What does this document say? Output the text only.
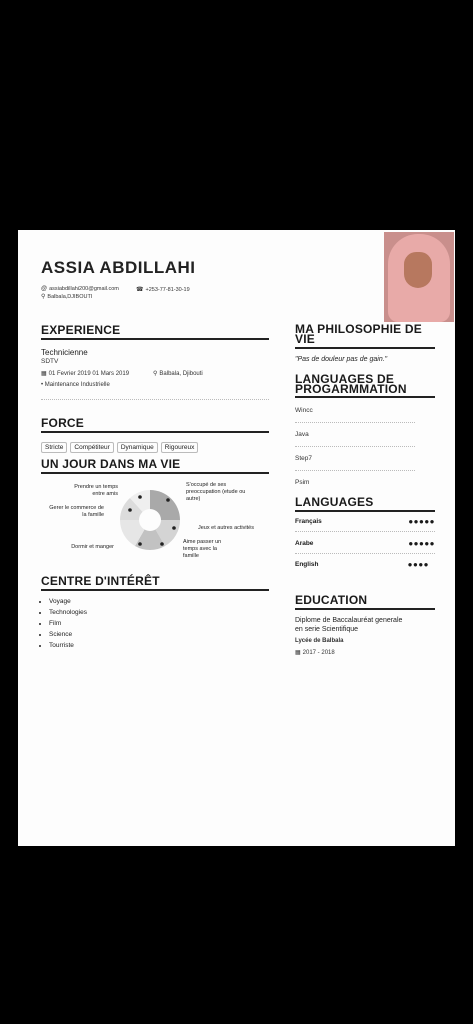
ASSIA ABDILLAHI
@ assiabdillahi200@gmail.com	☎ +253-77-81-30-19
⚲ Balbala,DJIBOUTI
EXPERIENCE
Technicienne
SDTV
▦ 01 Fevrier 2019 01 Mars 2019	⚲ Balbala, Djibouti
• Maintenance Industrielle
FORCE
Stricte Compétiteur Dynamique Rigoureux
UN JOUR DANS MA VIE
Prendre un temps entre amis
Gerer le commerce de la famille
Dormir et manger
S'occupé de ses preoccupation (etude ou autre)
Jeux et autres activités
Aime passer un temps avec la famille
CENTRE D'INTÉRÊT
• Voyage
• Technologies
• Film
• Science
• Tourriste
MA PHILOSOPHIE DE
VIE
"Pas de douleur pas de gain."
LANGUAGES DE
PROGARMMATION
Wincc
Java
Step7
Psim
LANGUAGES
Français	●●●●●
Arabe	●●●●●
English	●●●●
EDUCATION
Diplome de Baccalauréat generale
en serie Scientifique
Lycée de Balbala
▦ 2017 - 2018
